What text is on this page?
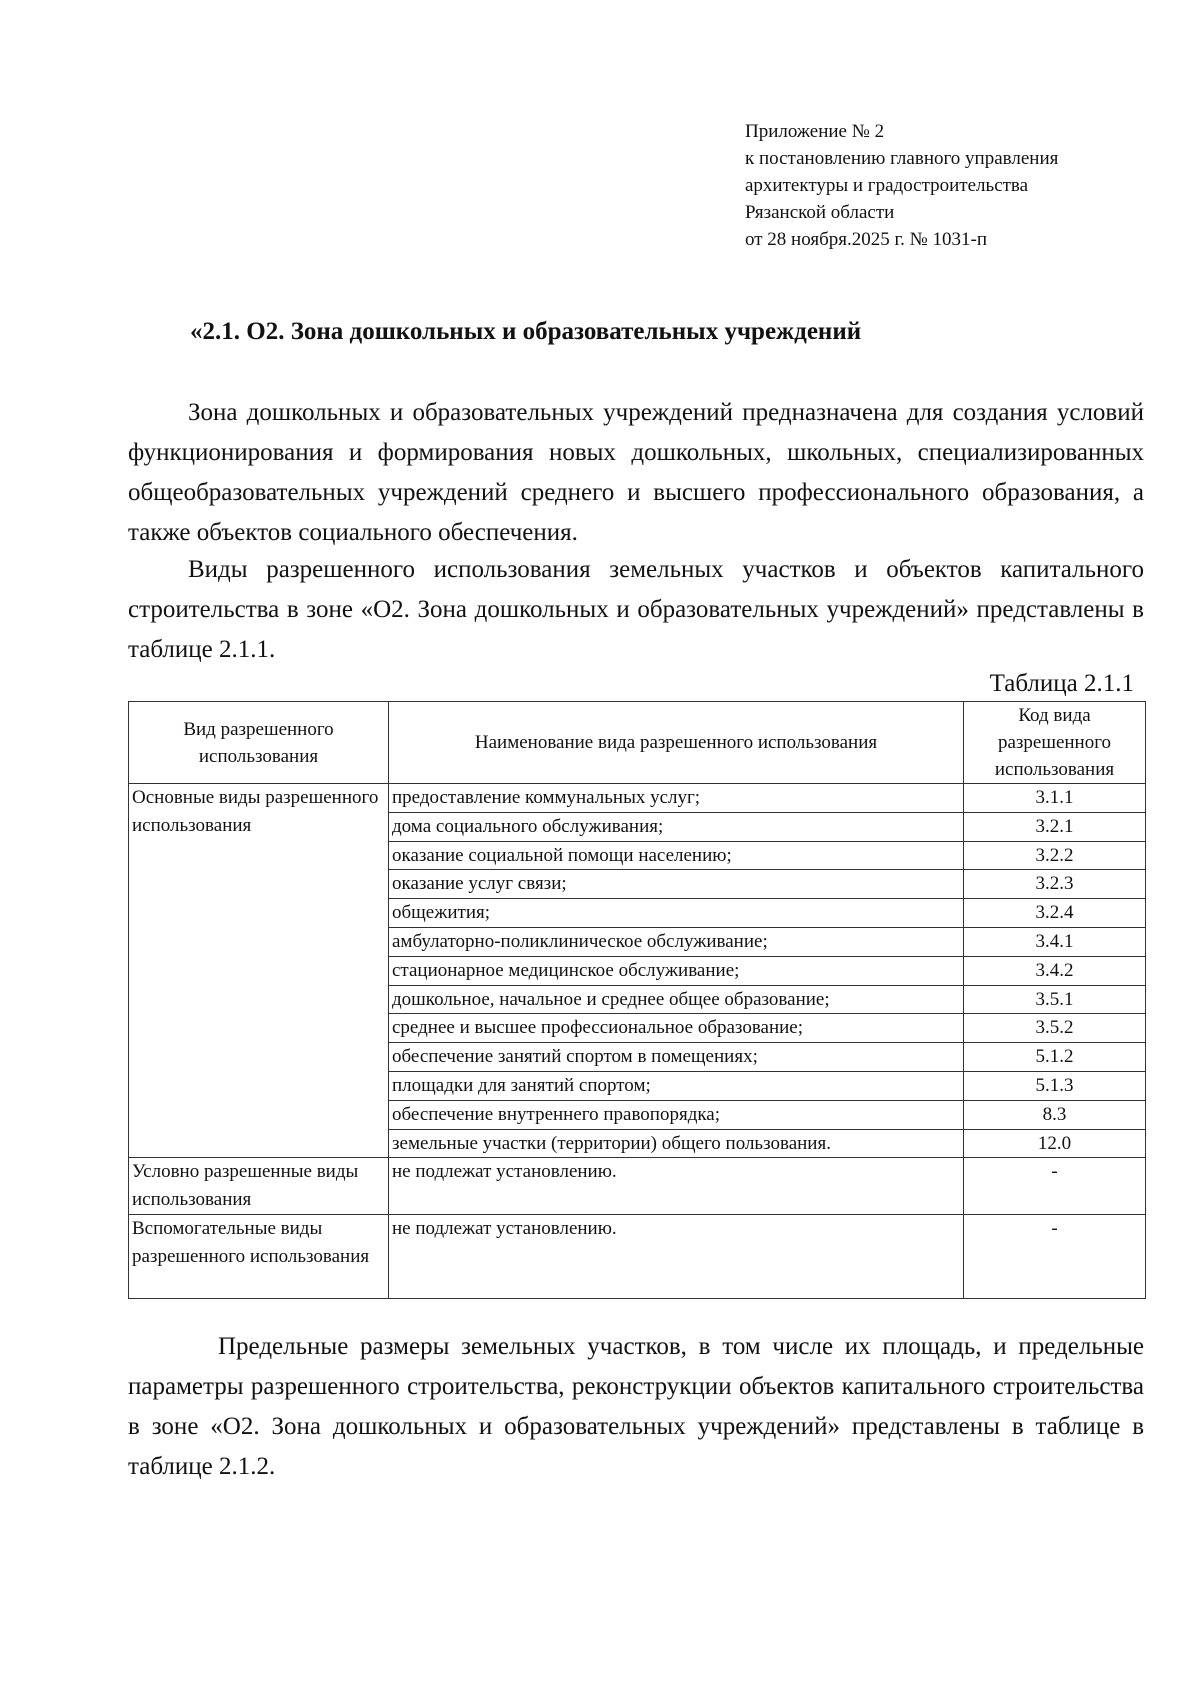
Приложение № 2
к постановлению главного управления
архитектуры и градостроительства
Рязанской области
от 28 ноября.2025 г. № 1031-п
«2.1. О2. Зона дошкольных и образовательных учреждений

Зона дошкольных и образовательных учреждений предназначена для создания условий функционирования и формирования новых дошкольных, школьных, специализированных общеобразовательных учреждений среднего и высшего профессионального образования, а также объектов социального обеспечения.

Виды разрешенного использования земельных участков и объектов капитального строительства в зоне «О2. Зона дошкольных и образовательных учреждений» представлены в таблице 2.1.1.

Таблица 2.1.1
Вид разрешенного использования	Наименование вида разрешенного использования	Код вида разрешенного использования
Основные виды разрешенного использования	предоставление коммунальных услуг;	3.1.1
	дома социального обслуживания;	3.2.1
	оказание социальной помощи населению;	3.2.2
	оказание услуг связи;	3.2.3
	общежития;	3.2.4
	амбулаторно-поликлиническое обслуживание;	3.4.1
	стационарное медицинское обслуживание;	3.4.2
	дошкольное, начальное и среднее общее образование;	3.5.1
	среднее и высшее профессиональное образование;	3.5.2
	обеспечение занятий спортом в помещениях;	5.1.2
	площадки для занятий спортом;	5.1.3
	обеспечение внутреннего правопорядка;	8.3
	земельные участки (территории) общего пользования.	12.0
Условно разрешенные виды использования	не подлежат установлению.	-
Вспомогательные виды разрешенного использования	не подлежат установлению.	-

Предельные размеры земельных участков, в том числе их площадь, и предельные параметры разрешенного строительства, реконструкции объектов капитального строительства в зоне «О2. Зона дошкольных и образовательных учреждений» представлены в таблице в таблице 2.1.2.
